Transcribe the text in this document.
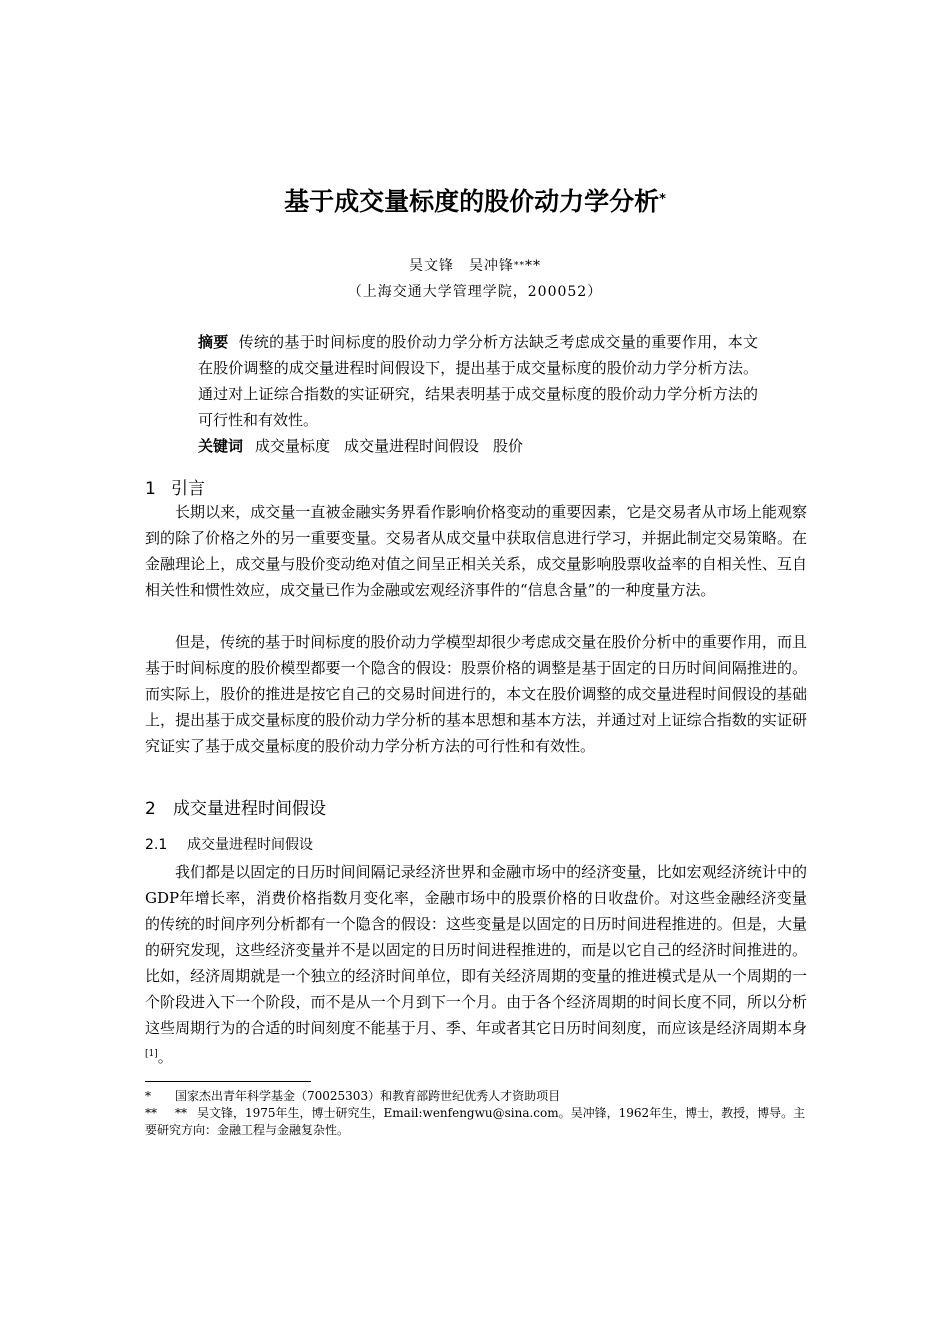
基于成交量标度的股价动力学分析*
吴文锋　吴冲锋****
（上海交通大学管理学院，200052）
摘要 传统的基于时间标度的股价动力学分析方法缺乏考虑成交量的重要作用，本文在股价调整的成交量进程时间假设下，提出基于成交量标度的股价动力学分析方法。通过对上证综合指数的实证研究，结果表明基于成交量标度的股价动力学分析方法的可行性和有效性。
关键词 成交量标度 成交量进程时间假设 股价
1 引言
长期以来，成交量一直被金融实务界看作影响价格变动的重要因素，它是交易者从市场上能观察到的除了价格之外的另一重要变量。交易者从成交量中获取信息进行学习，并据此制定交易策略。在金融理论上，成交量与股价变动绝对值之间呈正相关关系，成交量影响股票收益率的自相关性、互自相关性和惯性效应，成交量已作为金融或宏观经济事件的“信息含量”的一种度量方法。
但是，传统的基于时间标度的股价动力学模型却很少考虑成交量在股价分析中的重要作用，而且基于时间标度的股价模型都要一个隐含的假设：股票价格的调整是基于固定的日历时间间隔推进的。而实际上，股价的推进是按它自己的交易时间进行的，本文在股价调整的成交量进程时间假设的基础上，提出基于成交量标度的股价动力学分析的基本思想和基本方法，并通过对上证综合指数的实证研究证实了基于成交量标度的股价动力学分析方法的可行性和有效性。
2 成交量进程时间假设
2.1 成交量进程时间假设
我们都是以固定的日历时间间隔记录经济世界和金融市场中的经济变量，比如宏观经济统计中的GDP年增长率，消费价格指数月变化率，金融市场中的股票价格的日收盘价。对这些金融经济变量的传统的时间序列分析都有一个隐含的假设：这些变量是以固定的日历时间进程推进的。但是，大量的研究发现，这些经济变量并不是以固定的日历时间进程推进的，而是以它自己的经济时间推进的。比如，经济周期就是一个独立的经济时间单位，即有关经济周期的变量的推进模式是从一个周期的一个阶段进入下一个阶段，而不是从一个月到下一个月。由于各个经济周期的时间长度不同，所以分析这些周期行为的合适的时间刻度不能基于月、季、年或者其它日历时间刻度，而应该是经济周期本身[1]。
* 国家杰出青年科学基金（70025303）和教育部跨世纪优秀人才资助项目
** ** 吴文锋，1975年生，博士研究生，Email:wenfengwu@sina.com。吴冲锋，1962年生，博士，教授，博导。主要研究方向：金融工程与金融复杂性。
